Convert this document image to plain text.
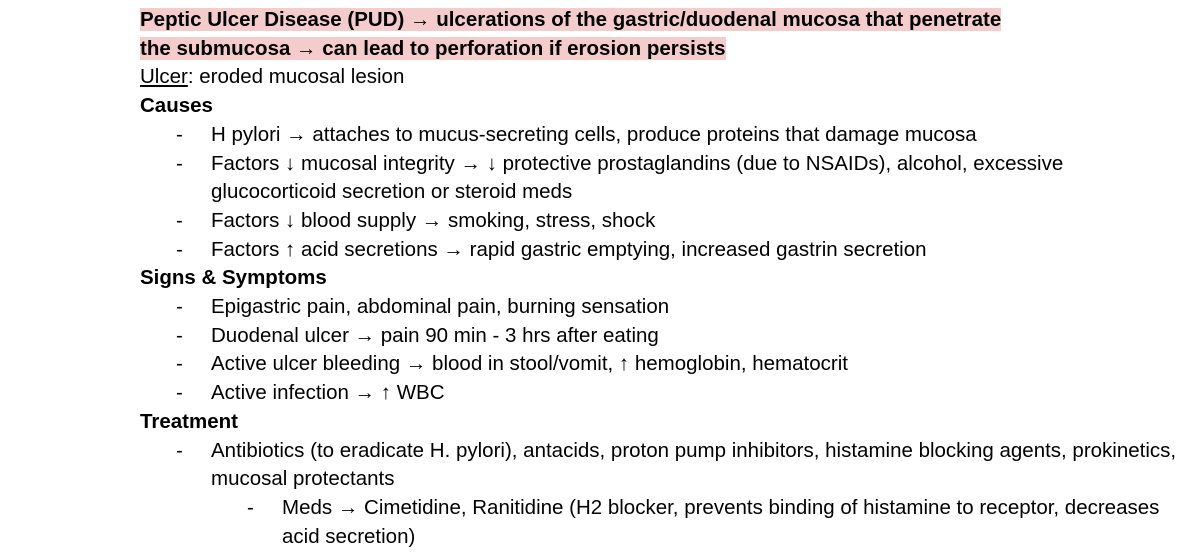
Peptic Ulcer Disease (PUD) → ulcerations of the gastric/duodenal mucosa that penetrate
the submucosa → can lead to perforation if erosion persists

Ulcer: eroded mucosal lesion

Causes

- H pylori → attaches to mucus-secreting cells, produce proteins that damage mucosa
- Factors ↓ mucosal integrity → ↓ protective prostaglandins (due to NSAIDs), alcohol, excessive glucocorticoid secretion or steroid meds
- Factors ↓ blood supply → smoking, stress, shock
- Factors ↑ acid secretions → rapid gastric emptying, increased gastrin secretion

Signs & Symptoms

- Epigastric pain, abdominal pain, burning sensation
- Duodenal ulcer → pain 90 min - 3 hrs after eating
- Active ulcer bleeding → blood in stool/vomit, ↑ hemoglobin, hematocrit
- Active infection → ↑ WBC

Treatment

- Antibiotics (to eradicate H. pylori), antacids, proton pump inhibitors, histamine blocking agents, prokinetics, mucosal protectants
- Meds → Cimetidine, Ranitidine (H2 blocker, prevents binding of histamine to receptor, decreases acid secretion)
